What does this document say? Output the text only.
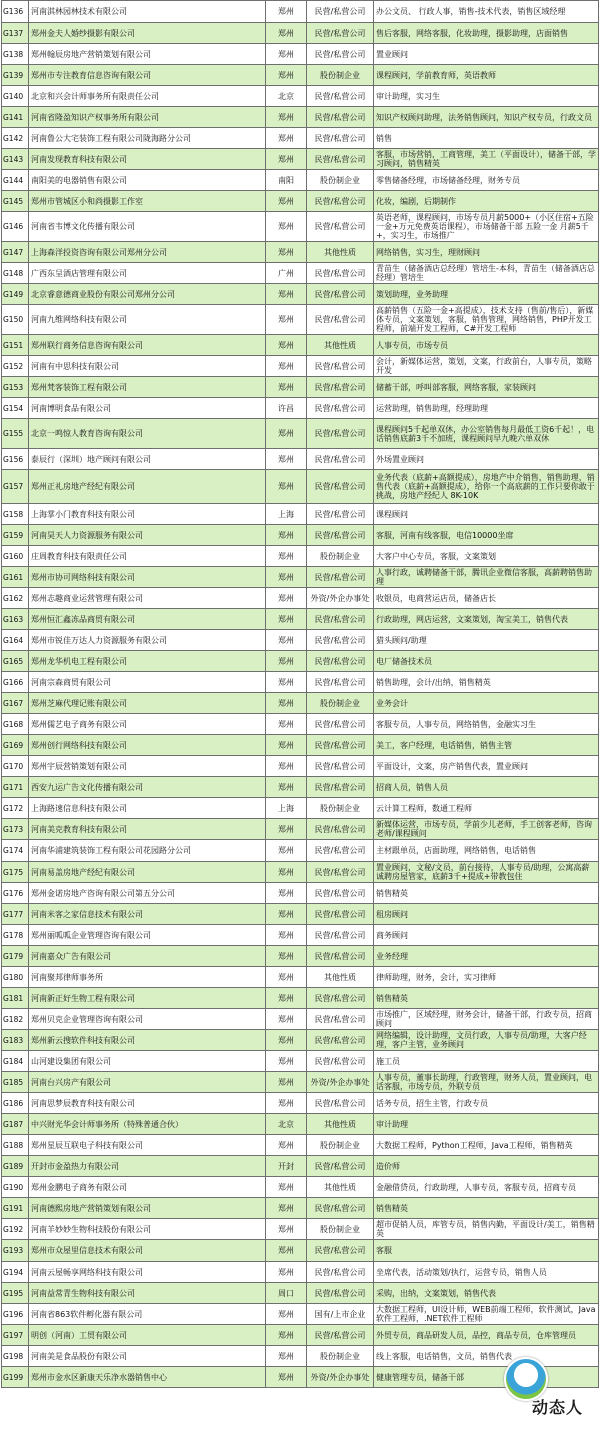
G136	河南淇林园林技术有限公司	郑州	民营/私营公司	办公文员、 行政人事，销售-技术代表，销售区域经理
G137	郑州金夫人婚纱摄影有限公司	郑州	民营/私营公司	售后客服，网络客服，化妆助理，摄影助理，店面销售
G138	郑州翰辰房地产营销策划有限公司	郑州	民营/私营公司	置业顾问
G139	郑州市专注教育信息咨询有限公司	郑州	股份制企业	课程顾问，学前教育师，英语教师
G140	北京和兴会计师事务所有限责任公司	北京	民营/私营公司	审计助理，实习生
G141	河南省隆盈知识产权事务所有限公司	郑州	民营/私营公司	知识产权顾问助理，法务销售顾问，知识产权专员，行政文员
G142	河南鲁公大宅装饰工程有限公司陇海路分公司	郑州	民营/私营公司	销售
G143	河南发现教育科技有限公司	郑州	民营/私营公司	客服，市场营销，工商管理，美工（平面设计），储备干部，学习顾问，销售精英
G144	南阳美的电器销售有限公司	南阳	股份制企业	零售储备经理，市场储备经理，财务专员
G145	郑州市管城区小和尚摄影工作室	郑州	民营/私营公司	化妆，编剧，后期制作
G146	河南省韦博文化传播有限公司	郑州	民营/私营公司	英语老师，课程顾问，市场专员月薪5000+（小区住宿+五险一金+万元免费英语课程），市场储备干部 五险一金 月薪5千+，实习生，市场推广
G147	上海森洋投资咨询有限公司郑州分公司	郑州	其他性质	网络销售，实习生，理财顾问
G148	广西东呈酒店管理有限公司	广州	民营/私营公司	青苗生（储备酒店总经理）管培生-本科，青苗生（储备酒店总经理）管培生
G149	北京睿意德商业股份有限公司郑州分公司	郑州	民营/私营公司	策划助理，业务助理
G150	河南九维网络科技有限公司	郑州	民营/私营公司	高薪销售（五险一金+高提成），技术支持（售前/售后），新媒体专员，文案策划，客服，销售管理，网络销售，PHP开发工程师，前端开发工程师，C#开发工程师
G151	郑州联行商务信息咨询有限公司	郑州	其他性质	人事专员，市场专员
G152	河南有中思科技有限公司	郑州	民营/私营公司	会计，新媒体运营，策划，文案，行政前台，人事专员，策略开发
G153	郑州梵客装饰工程有限公司	郑州	民营/私营公司	储蓄干部，呼叫部客服，网络客服，家装顾问
G154	河南博明食品有限公司	许昌	民营/私营公司	运营助理，销售助理，经理助理
G155	北京一鸣惊人教育咨询有限公司	郑州	民营/私营公司	课程顾问5千起单双休，办公室销售每月最低工资6千起！，电话销售底薪3千不加班，课程顾问早九晚六单双休
G156	泰辰行（深圳）地产顾问有限公司	郑州	民营/私营公司	外场置业顾问
G157	郑州正礼房地产经纪有限公司	郑州	民营/私营公司	业务代表（底薪+高额提成），房地产中介销售，销售助理，销售代表（底薪+高额提成），给你一个高底薪的工作只要你敢于挑战，房地产经纪人 8K-10K
G158	上海掌小门教育科技有限公司	上海	民营/私营公司	课程顾问
G159	河南昊天人力资源服务有限公司	郑州	民营/私营公司	客服，河南有线客服，电信10000坐席
G160	庄周教育科技有限责任公司	郑州	股份制企业	大客户中心专员，客服，文案策划
G161	郑州市协可网络科技有限公司	郑州	民营/私营公司	人事行政，诚聘储备干部，腾讯企业微信客服，高薪聘销售助理
G162	郑州志趣商业运营管理有限公司	郑州	外资/外企办事处	收银员，电商营运店员，储备店长
G163	郑州恒汇鑫冻品商贸有限公司	郑州	民营/私营公司	行政助理，网店运营，文案策划，淘宝美工，销售代表
G164	郑州市锐佳万达人力资源服务有限公司	郑州	民营/私营公司	猎头顾问/助理
G165	郑州龙华机电工程有限公司	郑州	民营/私营公司	电厂储备技术员
G166	河南宗森商贸有限公司	郑州	民营/私营公司	销售助理，会计/出纳，销售精英
G167	郑州芝麻代理记账有限公司	郑州	股份制企业	业务会计
G168	郑州儒艺电子商务有限公司	郑州	民营/私营公司	客服专员，人事专员，网络销售，金融实习生
G169	郑州创行网络科技有限公司	郑州	民营/私营公司	美工，客户经理，电话销售，销售主管
G170	郑州宇辰营销策划有限公司	郑州	民营/私营公司	平面设计，文案，房产销售代表，置业顾问
G171	西安九运广告文化传播有限公司	郑州	民营/私营公司	招商人员，销售人员
G172	上海路速信息科技有限公司	上海	股份制企业	云计算工程师，数通工程师
G173	河南美克教育科技有限公司	郑州	民营/私营公司	新媒体运营，市场专员，学前少儿老师，手工创客老师，咨询老师/课程顾问
G174	河南华浦建筑装饰工程有限公司花园路分公司	郑州	民营/私营公司	主材跟单员，店面助理，网络销售，电话销售
G175	河南易盖房地产经纪有限公司	郑州	民营/私营公司	置业顾问，文秘/文员，前台接待，人事专员/助理，公寓高薪诚聘房屋管家，底薪3千+提成+带教包住
G176	郑州金诺房地产咨询有限公司第五分公司	郑州	民营/私营公司	销售精英
G177	河南米客之家信息技术有限公司	郑州	民营/私营公司	租房顾问
G178	郑州丽呱呱企业管理咨询有限公司	郑州	民营/私营公司	商务顾问
G179	河南嘉众广告有限公司	郑州	民营/私营公司	业务经理
G180	河南聚邦律师事务所	郑州	其他性质	律师助理，财务，会计，实习律师
G181	河南新正好生物工程有限公司	郑州	民营/私营公司	销售精英
G182	郑州贝克企业管理咨询有限公司	郑州	民营/私营公司	市场推广，区域经理，财务会计，储备干部，行政专员，招商顾问
G183	郑州新云搜软件科技有限公司	郑州	民营/私营公司	网络编辑，设计助理，文员行政，人事专员/助理，大客户经理，客户主管，业务顾问
G184	山河建设集团有限公司	郑州	民营/私营公司	施工员
G185	河南台兴房产有限公司	郑州	外资/外企办事处	人事专员，董事长助理，行政管理，财务人员，置业顾问，电话客服，市场专员，外联专员
G186	河南思梦辰教育科技有限公司	郑州	民营/私营公司	话务专员，招生主管，行政专员
G187	中兴财光华会计师事务所（特殊普通合伙）	北京	其他性质	审计助理
G188	郑州星辰互联电子科技有限公司	郑州	股份制企业	大数据工程师，Python工程师，Java工程师，销售精英
G189	开封市金盈热力有限公司	开封	民营/私营公司	造价师
G190	郑州金鹏电子商务有限公司	郑州	其他性质	金融借贷员，行政助理，人事专员，客服专员，招商专员
G191	河南德熙房地产营销策划有限公司	郑州	民营/私营公司	销售精英
G192	河南羊妙妙生物科技股份有限公司	郑州	股份制企业	超市促销人员，库管专员，销售内勤，平面设计/美工，销售精英
G193	郑州市众屋里信息技术有限公司	郑州	民营/私营公司	客服
G194	河南云屋畅享网络科技有限公司	郑州	民营/私营公司	坐席代表，活动策划/执行，运营专员，销售人员
G195	河南益常青生物科技有限公司	周口	民营/私营公司	采购，出纳，文案策划，销售代表
G196	河南省863软件孵化器有限公司	郑州	国有/上市企业	大数据工程师，UI设计师，WEB前端工程师，软件测试，Java软件工程师，.NET软件工程师
G197	明创（河南）工贸有限公司	郑州	民营/私营公司	外贸专员，商品研发人员，品控，商品专员，仓库管理员
G198	河南美是食品股份有限公司	郑州	股份制企业	线上客服，电话销售，文员，销售代表
G199	郑州市金水区新康天乐净水器销售中心	郑州	外资/外企办事处	健康管理专员，储备干部
动态人
